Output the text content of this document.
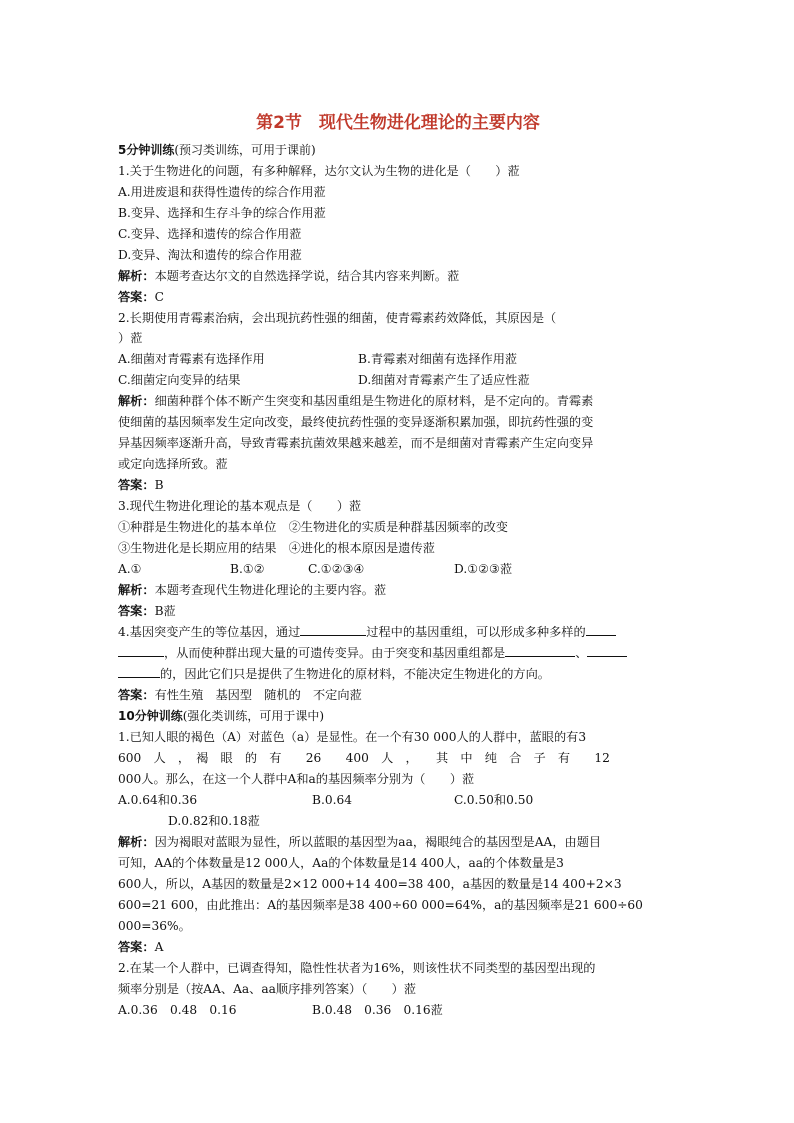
第2节　现代生物进化理论的主要内容
5分钟训练(预习类训练，可用于课前)
1.关于生物进化的问题，有多种解释，达尔文认为生物的进化是（　　）蒞
A.用进废退和获得性遗传的综合作用蒞
B.变异、选择和生存斗争的综合作用蒞
C.变异、选择和遗传的综合作用蒞
D.变异、淘汰和遗传的综合作用蒞
解析：本题考查达尔文的自然选择学说，结合其内容来判断。蒞
答案：C
2.长期使用青霉素治病，会出现抗药性强的细菌，使青霉素药效降低，其原因是（
）蒞
A.细菌对青霉素有选择作用	B.青霉素对细菌有选择作用蒞
C.细菌定向变异的结果	D.细菌对青霉素产生了适应性蒞
解析：细菌种群个体不断产生突变和基因重组是生物进化的原材料，是不定向的。青霉素
使细菌的基因频率发生定向改变，最终使抗药性强的变异逐渐积累加强，即抗药性强的变
异基因频率逐渐升高，导致青霉素抗菌效果越来越差，而不是细菌对青霉素产生定向变异
或定向选择所致。蒞
答案：B
3.现代生物进化理论的基本观点是（　　）蒞
①种群是生物进化的基本单位　②生物进化的实质是种群基因频率的改变
③生物进化是长期应用的结果　④进化的根本原因是遗传蒞
A.①	B.①②	C.①②③④	D.①②③蒞
解析：本题考查现代生物进化理论的主要内容。蒞
答案：B蒞
4.基因突变产生的等位基因，通过	过程中的基因重组，可以形成多种多样的
，从而使种群出现大量的可遗传变异。由于突变和基因重组都是	、
的，因此它们只是提供了生物进化的原材料，不能决定生物进化的方向。
答案：有性生殖　基因型　随机的　不定向蒞
10分钟训练(强化类训练，可用于课中)
1.已知人眼的褐色（A）对蓝色（a）是显性。在一个有30 000人的人群中，蓝眼的有3
600　人　，　褐　眼　的　有　　26　　400　人　，　　其　中　纯　合　子　有　　12
000人。那么，在这一个人群中A和a的基因频率分别为（　　）蒞
A.0.64和0.36	B.0.64	C.0.50和0.50
D.0.82和0.18蒞
解析：因为褐眼对蓝眼为显性，所以蓝眼的基因型为aa，褐眼纯合的基因型是AA，由题目
可知，AA的个体数量是12 000人，Aa的个体数量是14 400人，aa的个体数量是3
600人，所以，A基因的数量是2×12 000+14 400=38 400，a基因的数量是14 400+2×3
600=21 600，由此推出：A的基因频率是38 400÷60 000=64%，a的基因频率是21 600÷60
000=36%。
答案：A
2.在某一个人群中，已调查得知，隐性性状者为16%，则该性状不同类型的基因型出现的
频率分别是（按AA、Aa、aa顺序排列答案）（　　）蒞
A.0.36　0.48　0.16	B.0.48　0.36　0.16蒞
